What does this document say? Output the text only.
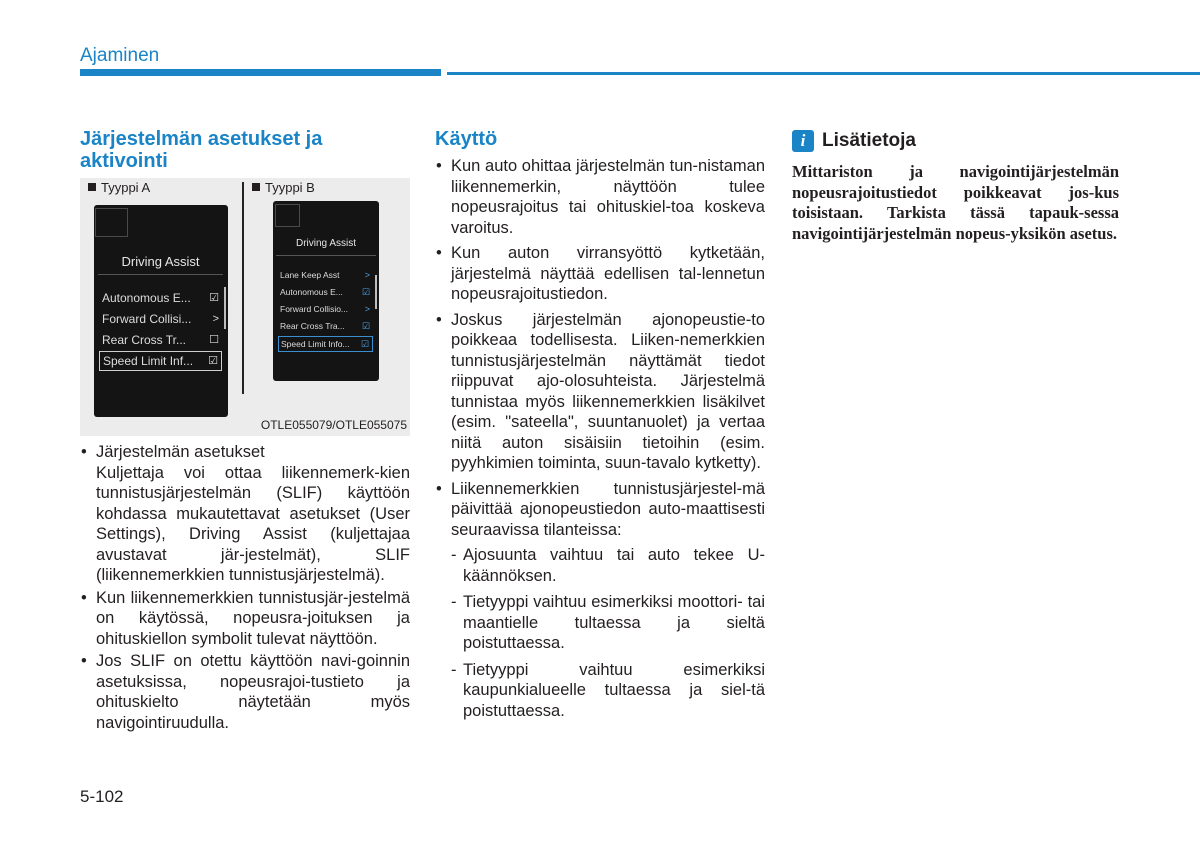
Ajaminen
Järjestelmän asetukset ja aktivointi
Tyyppi A	Tyyppi B
Driving Assist
Autonomous E... ☑
Forward Collisi... >
Rear Cross Tr... ☐
Speed Limit Inf... ☑
Driving Assist
Lane Keep Asst	>
Autonomous E... ☑
Forward Collisio... >
Rear Cross Tra... ☑
Speed Limit Info... ☑
OTLE055079/OTLE055075
• Järjestelmän asetukset
Kuljettaja voi ottaa liikennemerk-kien tunnistusjärjestelmän (SLIF) käyttöön kohdassa mukautettavat asetukset (User Settings), Driving Assist (kuljettajaa avustavat jär-jestelmät), SLIF (liikennemerkkien tunnistusjärjestelmä).
• Kun liikennemerkkien tunnistusjär-jestelmä on käytössä, nopeusra-joituksen ja ohituskiellon symbolit tulevat näyttöön.
• Jos SLIF on otettu käyttöön navi-goinnin asetuksissa, nopeusrajoi-tustieto ja ohituskielto näytetään myös navigointiruudulla.
Käyttö
• Kun auto ohittaa järjestelmän tun-nistaman liikennemerkin, näyttöön tulee nopeusrajoitus tai ohituskiel-toa koskeva varoitus.
• Kun auton virransyöttö kytketään, järjestelmä näyttää edellisen tal-lennetun nopeusrajoitustiedon.
• Joskus järjestelmän ajonopeustie-to poikkeaa todellisesta. Liiken-nemerkkien tunnistusjärjestelmän näyttämät tiedot riippuvat ajo-olosuhteista. Järjestelmä tunnistaa myös liikennemerkkien lisäkilvet (esim. "sateella", suuntanuolet) ja vertaa niitä auton sisäisiin tietoihin (esim. pyyhkimien toiminta, suun-tavalo kytketty).
• Liikennemerkkien tunnistusjärjestel-mä päivittää ajonopeustiedon auto-maattisesti seuraavissa tilanteissa:
- Ajosuunta vaihtuu tai auto tekee U-käännöksen.
- Tietyyppi vaihtuu esimerkiksi moottori- tai maantielle tultaessa ja sieltä poistuttaessa.
- Tietyyppi vaihtuu esimerkiksi kaupunkialueelle tultaessa ja siel-tä poistuttaessa.
i Lisätietoja
Mittariston ja navigointijärjestelmän nopeusrajoitustiedot poikkeavat jos-kus toisistaan. Tarkista tässä tapauk-sessa navigointijärjestelmän nopeus-yksikön asetus.
5-102
